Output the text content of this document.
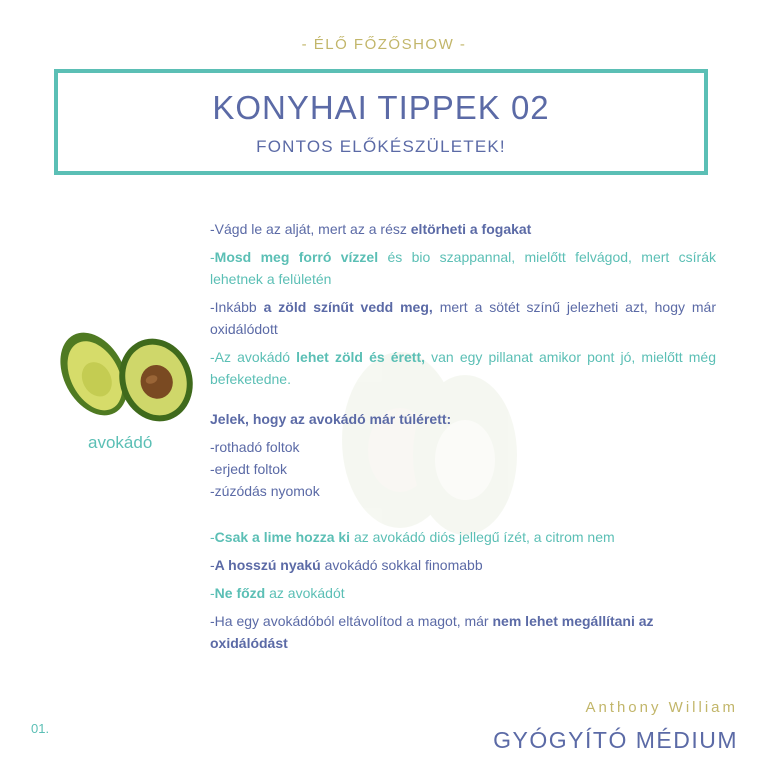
- ÉLŐ FŐZŐSHOW -
KONYHAI TIPPEK 02
FONTOS ELŐKÉSZÜLETEK!
avokádó

-Vágd le az alját, mert az a rész eltörheti a fogakat

-Mosd meg forró vízzel és bio szappannal, mielőtt felvágod, mert csírák lehetnek a felületén

-Inkább a zöld színűt vedd meg, mert a sötét színű jelezheti azt, hogy már oxidálódott

-Az avokádó lehet zöld és érett, van egy pillanat amikor pont jó, mielőtt még befeketedne.

Jelek, hogy az avokádó már túlérett:

-rothadó foltok

-erjedt foltok

-zúzódás nyomok

-Csak a lime hozza ki az avokádó diós jellegű ízét, a citrom nem

-A hosszú nyakú avokádó sokkal finomabb

-Ne főzd az avokádót

-Ha egy avokádóból eltávolítod a magot, már nem lehet megállítani az oxidálódást

01.
Anthony William
GYÓGYÍTÓ MÉDIUM
